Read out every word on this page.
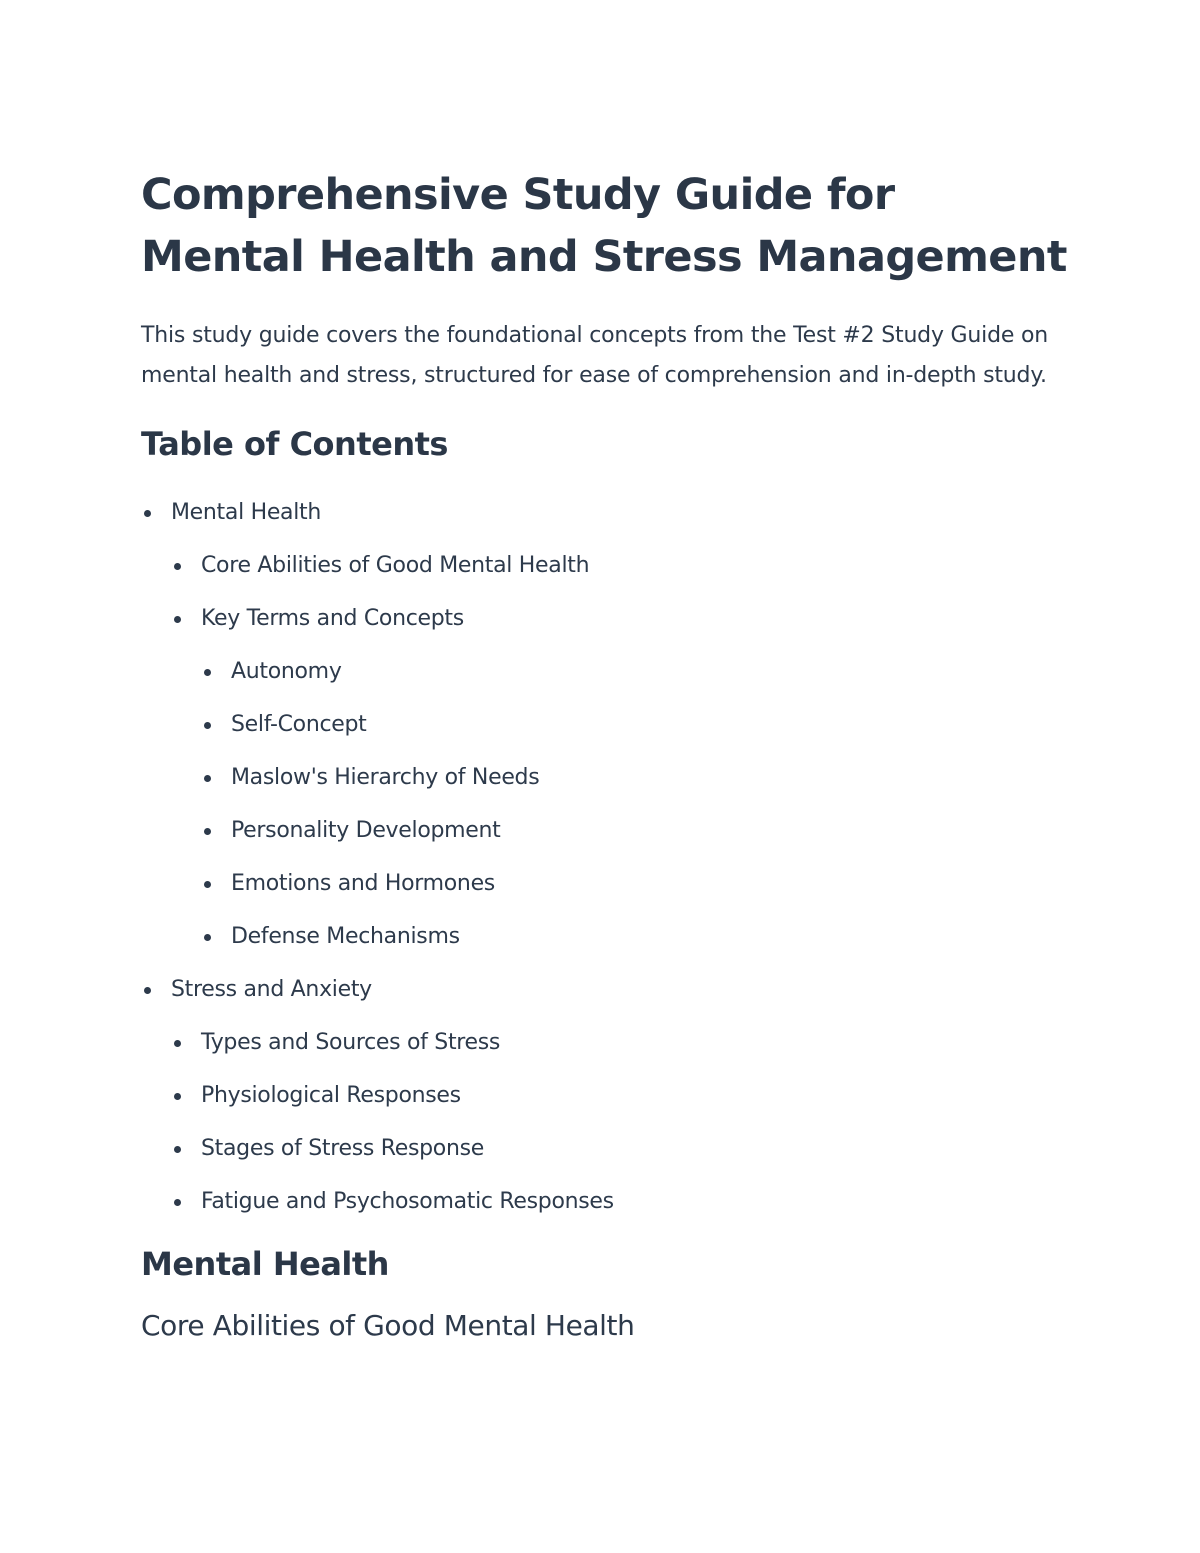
Comprehensive Study Guide for Mental Health and Stress Management

This study guide covers the foundational concepts from the Test #2 Study Guide on mental health and stress, structured for ease of comprehension and in-depth study.

Table of Contents
Mental Health
Core Abilities of Good Mental Health
Key Terms and Concepts
Autonomy
Self-Concept
Maslow's Hierarchy of Needs
Personality Development
Emotions and Hormones
Defense Mechanisms
Stress and Anxiety
Types and Sources of Stress
Physiological Responses
Stages of Stress Response
Fatigue and Psychosomatic Responses
Mental Health
Core Abilities of Good Mental Health
